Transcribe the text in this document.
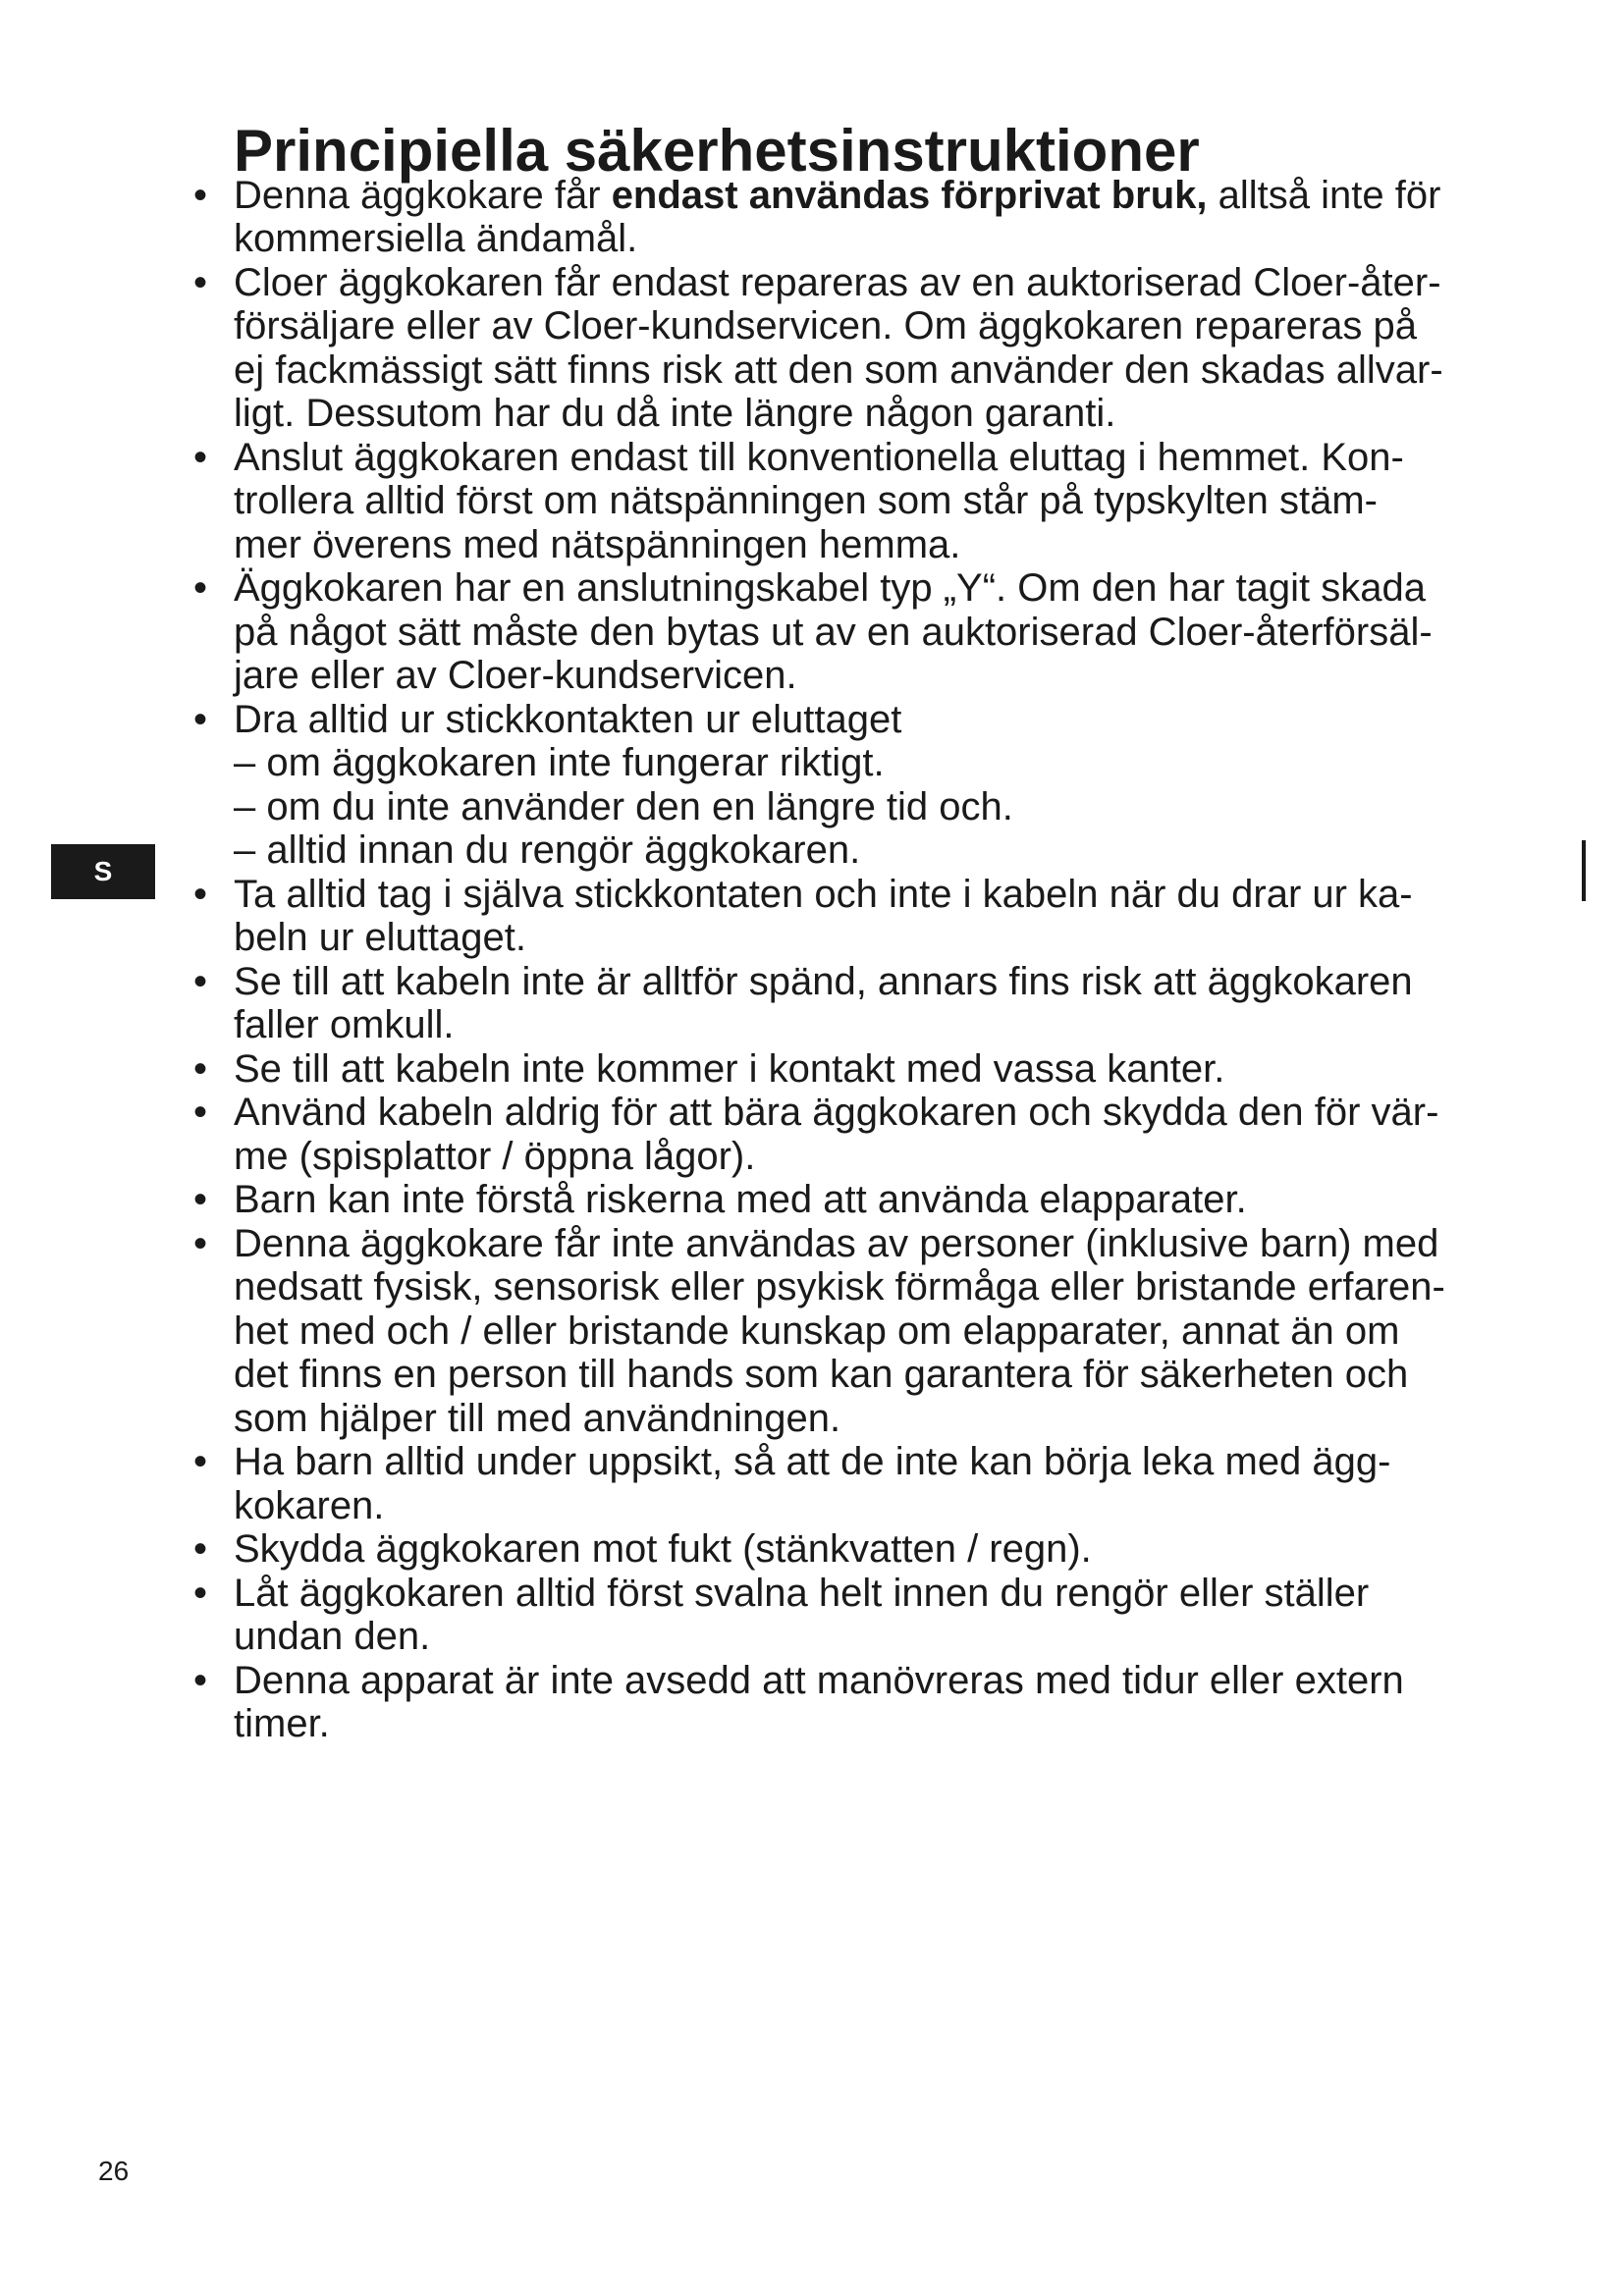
S
Principiella säkerhetsinstruktioner
• Denna äggkokare får endast användas förprivat bruk, alltså inte för
kommersiella ändamål.
• Cloer äggkokaren får endast repareras av en auktoriserad Cloer-åter-
försäljare eller av Cloer-kundservicen. Om äggkokaren repareras på
ej fackmässigt sätt finns risk att den som använder den skadas allvar-
ligt. Dessutom har du då inte längre någon garanti.
• Anslut äggkokaren endast till konventionella eluttag i hemmet. Kon-
trollera alltid först om nätspänningen som står på typskylten stäm-
mer överens med nätspänningen hemma.
• Äggkokaren har en anslutningskabel typ „Y“. Om den har tagit skada
på något sätt måste den bytas ut av en auktoriserad Cloer-återförsäl-
jare eller av Cloer-kundservicen.
• Dra alltid ur stickkontakten ur eluttaget
– om äggkokaren inte fungerar riktigt.
– om du inte använder den en längre tid och.
– alltid innan du rengör äggkokaren.
• Ta alltid tag i själva stickkontaten och inte i kabeln när du drar ur ka-
beln ur eluttaget.
• Se till att kabeln inte är alltför spänd, annars fins risk att äggkokaren
faller omkull.
• Se till att kabeln inte kommer i kontakt med vassa kanter.
• Använd kabeln aldrig för att bära äggkokaren och skydda den för vär-
me (spisplattor / öppna lågor).
• Barn kan inte förstå riskerna med att använda elapparater.
• Denna äggkokare får inte användas av personer (inklusive barn) med
nedsatt fysisk, sensorisk eller psykisk förmåga eller bristande erfaren-
het med och / eller bristande kunskap om elapparater, annat än om
det finns en person till hands som kan garantera för säkerheten och
som hjälper till med användningen.
• Ha barn alltid under uppsikt, så att de inte kan börja leka med ägg-
kokaren.
• Skydda äggkokaren mot fukt (stänkvatten / regn).
• Låt äggkokaren alltid först svalna helt innen du rengör eller ställer
undan den.
• Denna apparat är inte avsedd att manövreras med tidur eller extern
timer.
26
